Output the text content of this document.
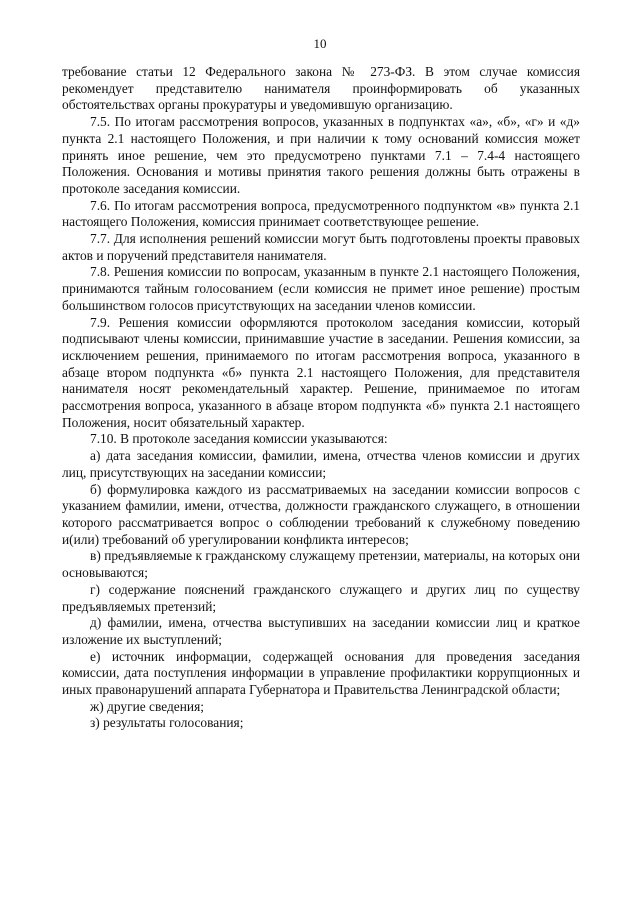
10

требование статьи 12 Федерального закона № 273-ФЗ. В этом случае комиссия рекомендует представителю нанимателя проинформировать об указанных обстоятельствах органы прокуратуры и уведомившую организацию.

7.5. По итогам рассмотрения вопросов, указанных в подпунктах «а», «б», «г» и «д» пункта 2.1 настоящего Положения, и при наличии к тому оснований комиссия может принять иное решение, чем это предусмотрено пунктами 7.1 – 7.4-4 настоящего Положения. Основания и мотивы принятия такого решения должны быть отражены в протоколе заседания комиссии.

7.6. По итогам рассмотрения вопроса, предусмотренного подпунктом «в» пункта 2.1 настоящего Положения, комиссия принимает соответствующее решение.

7.7. Для исполнения решений комиссии могут быть подготовлены проекты правовых актов и поручений представителя нанимателя.

7.8. Решения комиссии по вопросам, указанным в пункте 2.1 настоящего Положения, принимаются тайным голосованием (если комиссия не примет иное решение) простым большинством голосов присутствующих на заседании членов комиссии.

7.9. Решения комиссии оформляются протоколом заседания комиссии, который подписывают члены комиссии, принимавшие участие в заседании. Решения комиссии, за исключением решения, принимаемого по итогам рассмотрения вопроса, указанного в абзаце втором подпункта «б» пункта 2.1 настоящего Положения, для представителя нанимателя носят рекомендательный характер. Решение, принимаемое по итогам рассмотрения вопроса, указанного в абзаце втором подпункта «б» пункта 2.1 настоящего Положения, носит обязательный характер.

7.10. В протоколе заседания комиссии указываются:

а) дата заседания комиссии, фамилии, имена, отчества членов комиссии и других лиц, присутствующих на заседании комиссии;

б) формулировка каждого из рассматриваемых на заседании комиссии вопросов с указанием фамилии, имени, отчества, должности гражданского служащего, в отношении которого рассматривается вопрос о соблюдении требований к служебному поведению и(или) требований об урегулировании конфликта интересов;

в) предъявляемые к гражданскому служащему претензии, материалы, на которых они основываются;

г) содержание пояснений гражданского служащего и других лиц по существу предъявляемых претензий;

д) фамилии, имена, отчества выступивших на заседании комиссии лиц и краткое изложение их выступлений;

е) источник информации, содержащей основания для проведения заседания комиссии, дата поступления информации в управление профилактики коррупционных и иных правонарушений аппарата Губернатора и Правительства Ленинградской области;

ж) другие сведения;

з) результаты голосования;
